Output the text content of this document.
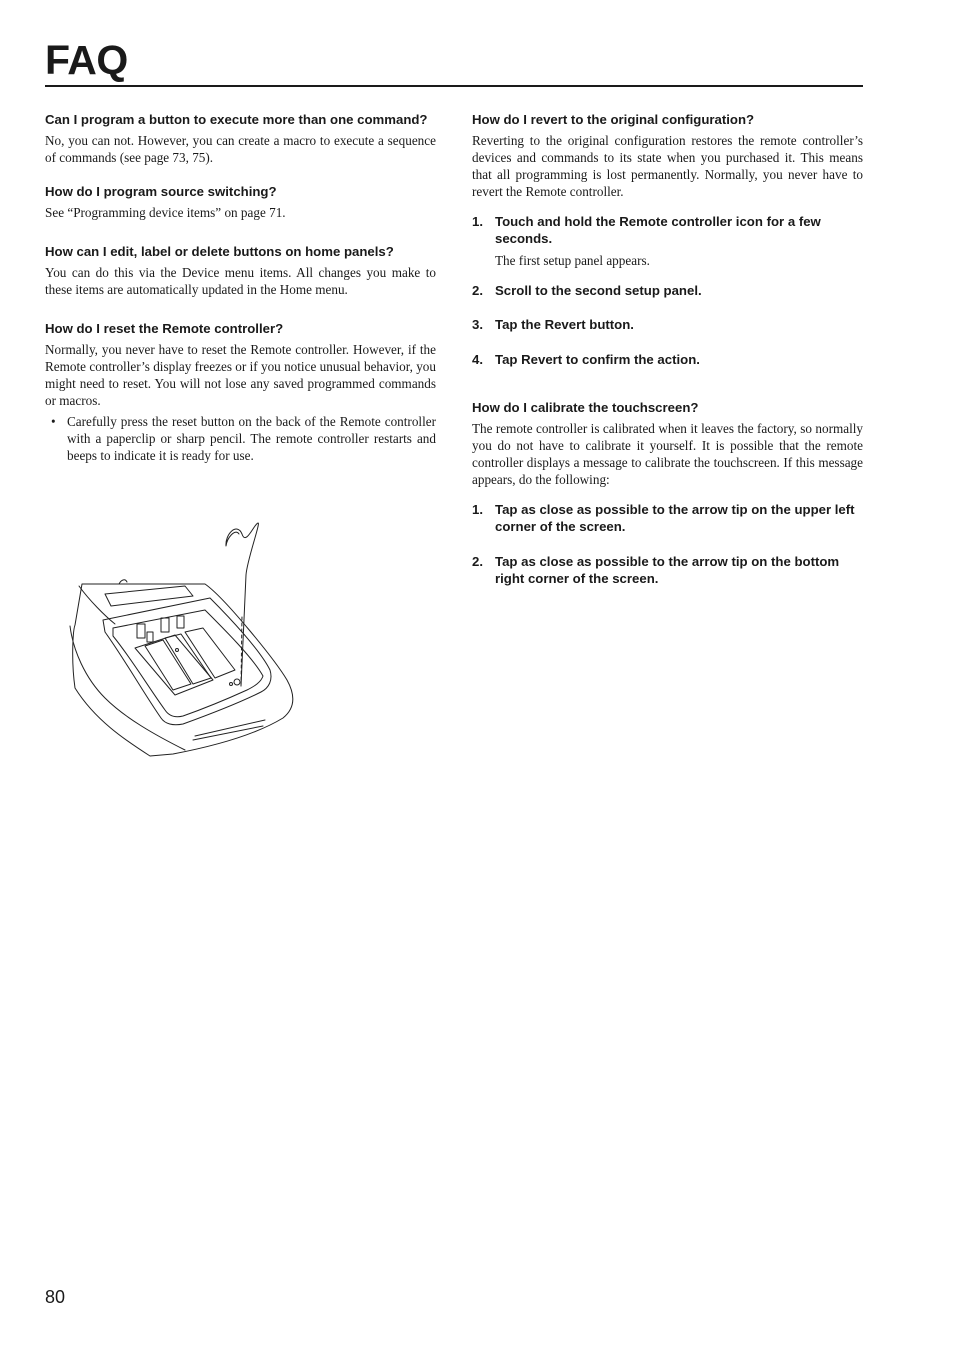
FAQ

Can I program a button to execute more than one command?

No, you can not. However, you can create a macro to execute a sequence of commands (see page 73, 75).

How do I program source switching?

See “Programming device items” on page 71.

How can I edit, label or delete buttons on home panels?

You can do this via the Device menu items. All changes you make to these items are automatically updated in the Home menu.

How do I reset the Remote controller?

Normally, you never have to reset the Remote controller. However, if the Remote controller’s display freezes or if you notice unusual behavior, you might need to reset. You will not lose any saved programmed commands or macros.

• Carefully press the reset button on the back of the Remote controller with a paperclip or sharp pencil. The remote controller restarts and beeps to indicate it is ready for use.

How do I revert to the original configuration?

Reverting to the original configuration restores the remote controller’s devices and commands to its state when you purchased it. This means that all programming is lost permanently. Normally, you never have to revert the Remote controller.

1. Touch and hold the Remote controller icon for a few seconds.

The first setup panel appears.

2. Scroll to the second setup panel.
3. Tap the Revert button.
4. Tap Revert to confirm the action.

How do I calibrate the touchscreen?

The remote controller is calibrated when it leaves the factory, so normally you do not have to calibrate it yourself. It is possible that the remote controller displays a message to calibrate the touchscreen. If this message appears, do the following:

1. Tap as close as possible to the arrow tip on the upper left corner of the screen.
2. Tap as close as possible to the arrow tip on the bottom right corner of the screen.
80
